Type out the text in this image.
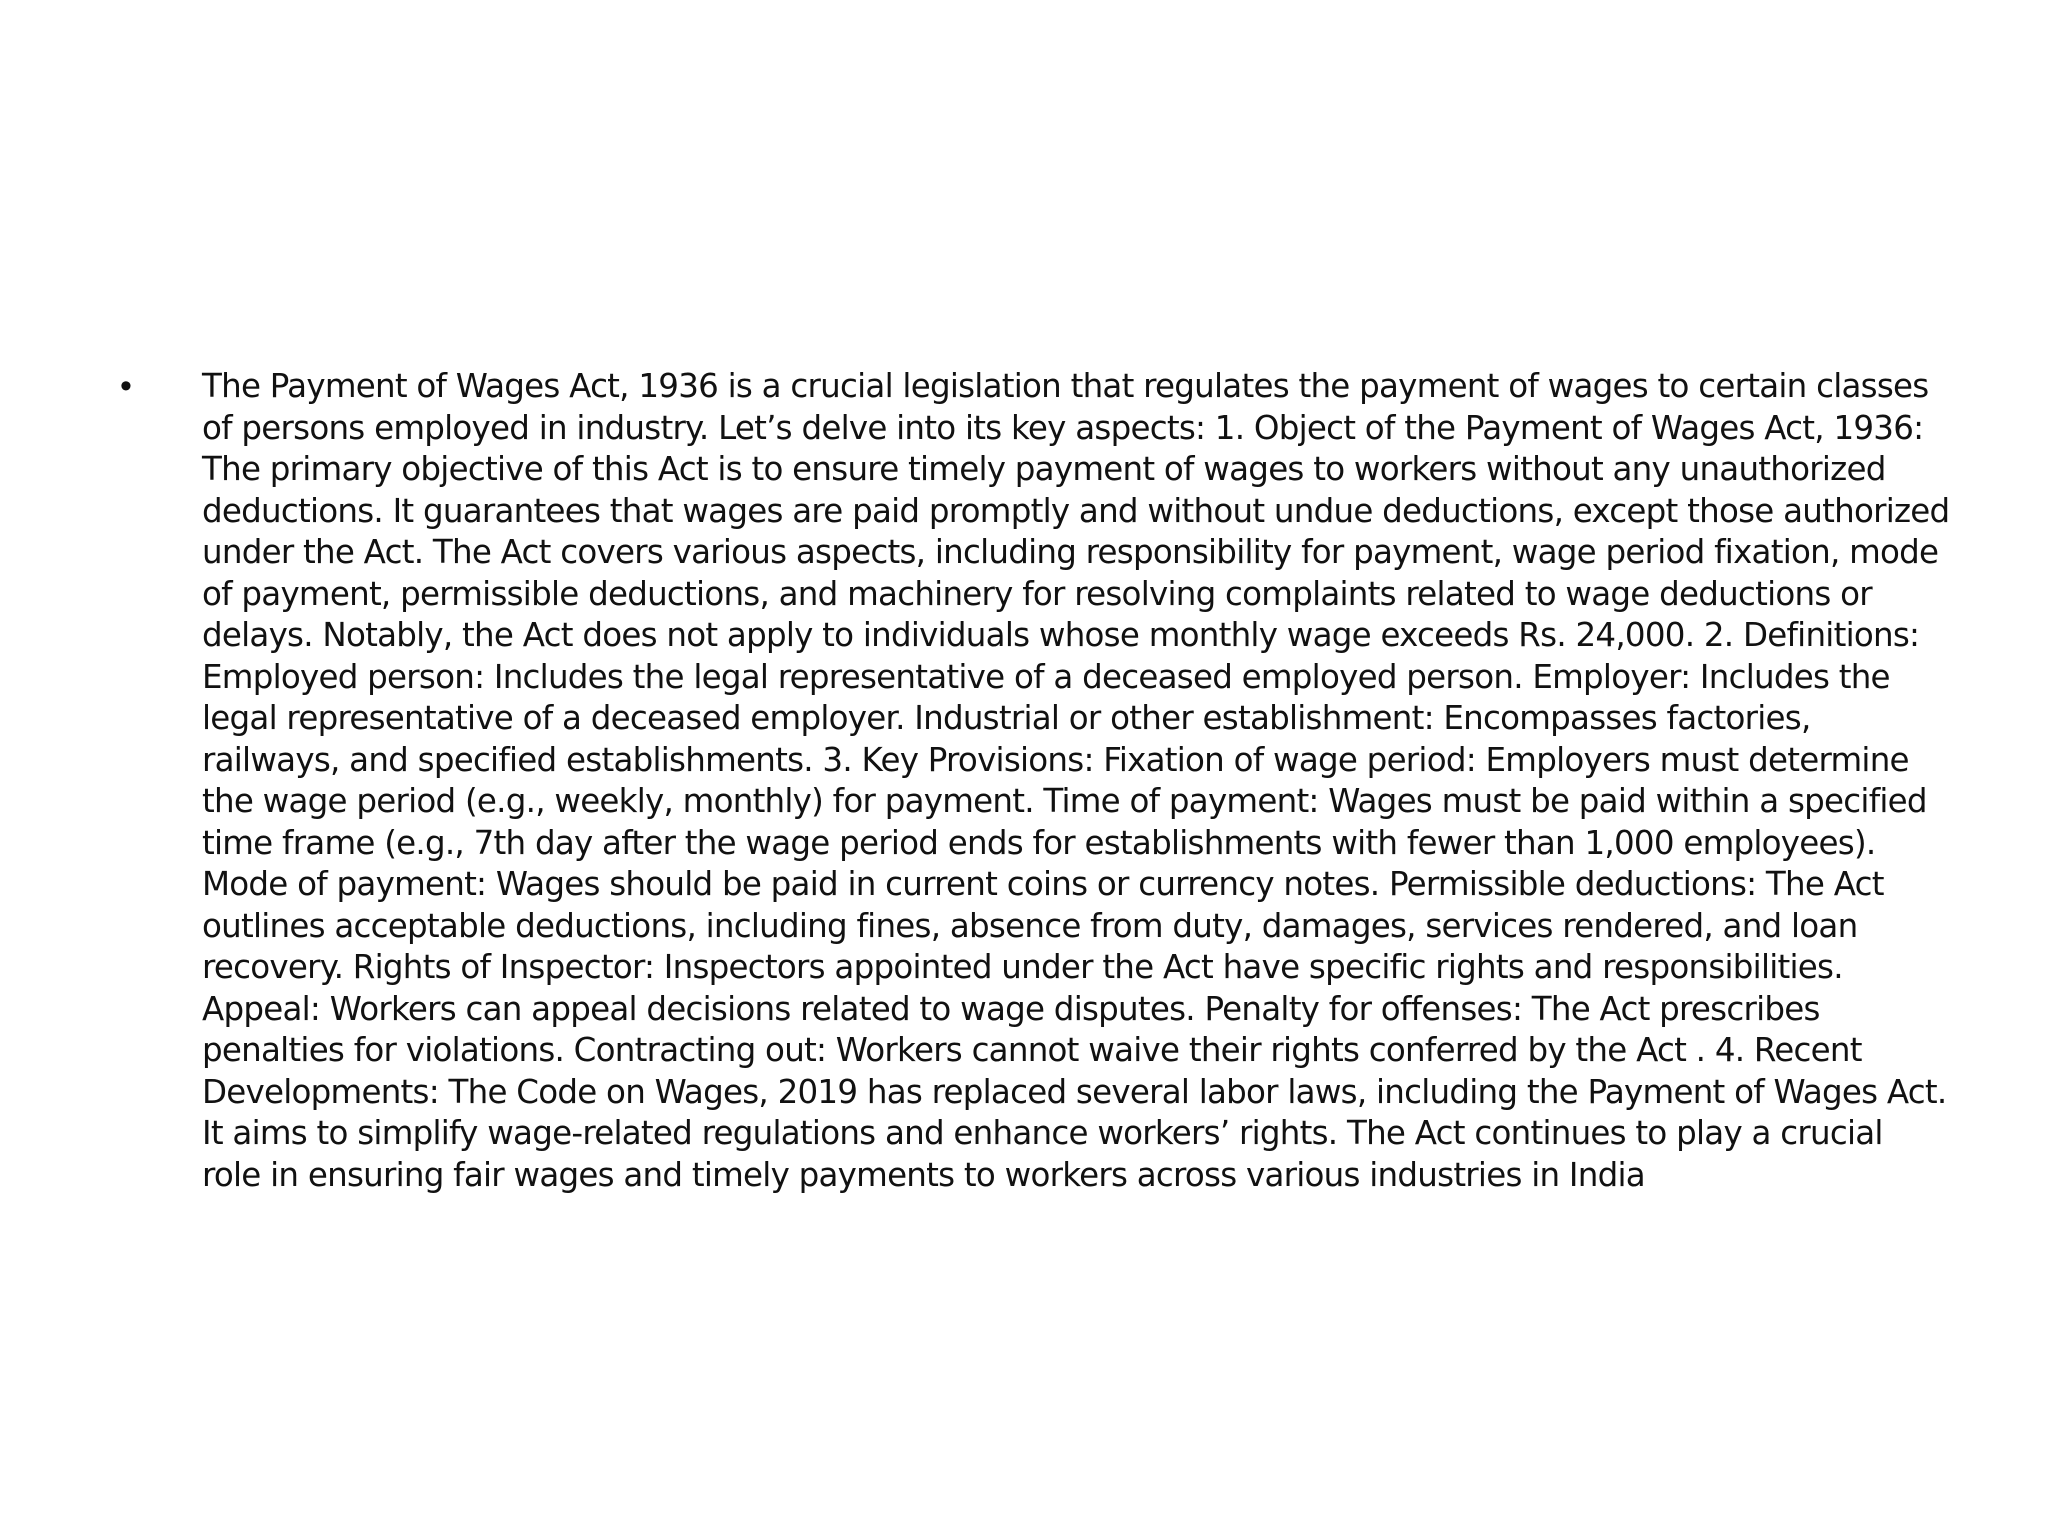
•	The Payment of Wages Act, 1936 is a crucial legislation that regulates the payment of wages to certain classes of persons employed in industry. Let’s delve into its key aspects: 1. Object of the Payment of Wages Act, 1936: The primary objective of this Act is to ensure timely payment of wages to workers without any unauthorized deductions. It guarantees that wages are paid promptly and without undue deductions, except those authorized under the Act. The Act covers various aspects, including responsibility for payment, wage period fixation, mode of payment, permissible deductions, and machinery for resolving complaints related to wage deductions or delays. Notably, the Act does not apply to individuals whose monthly wage exceeds Rs. 24,000. 2. Definitions: Employed person: Includes the legal representative of a deceased employed person. Employer: Includes the legal representative of a deceased employer. Industrial or other establishment: Encompasses factories, railways, and specified establishments. 3. Key Provisions: Fixation of wage period: Employers must determine the wage period (e.g., weekly, monthly) for payment. Time of payment: Wages must be paid within a specified time frame (e.g., 7th day after the wage period ends for establishments with fewer than 1,000 employees). Mode of payment: Wages should be paid in current coins or currency notes. Permissible deductions: The Act outlines acceptable deductions, including fines, absence from duty, damages, services rendered, and loan recovery. Rights of Inspector: Inspectors appointed under the Act have specific rights and responsibilities. Appeal: Workers can appeal decisions related to wage disputes. Penalty for offenses: The Act prescribes penalties for violations. Contracting out: Workers cannot waive their rights conferred by the Act . 4. Recent Developments: The Code on Wages, 2019 has replaced several labor laws, including the Payment of Wages Act. It aims to simplify wage-related regulations and enhance workers’ rights. The Act continues to play a crucial role in ensuring fair wages and timely payments to workers across various industries in India
